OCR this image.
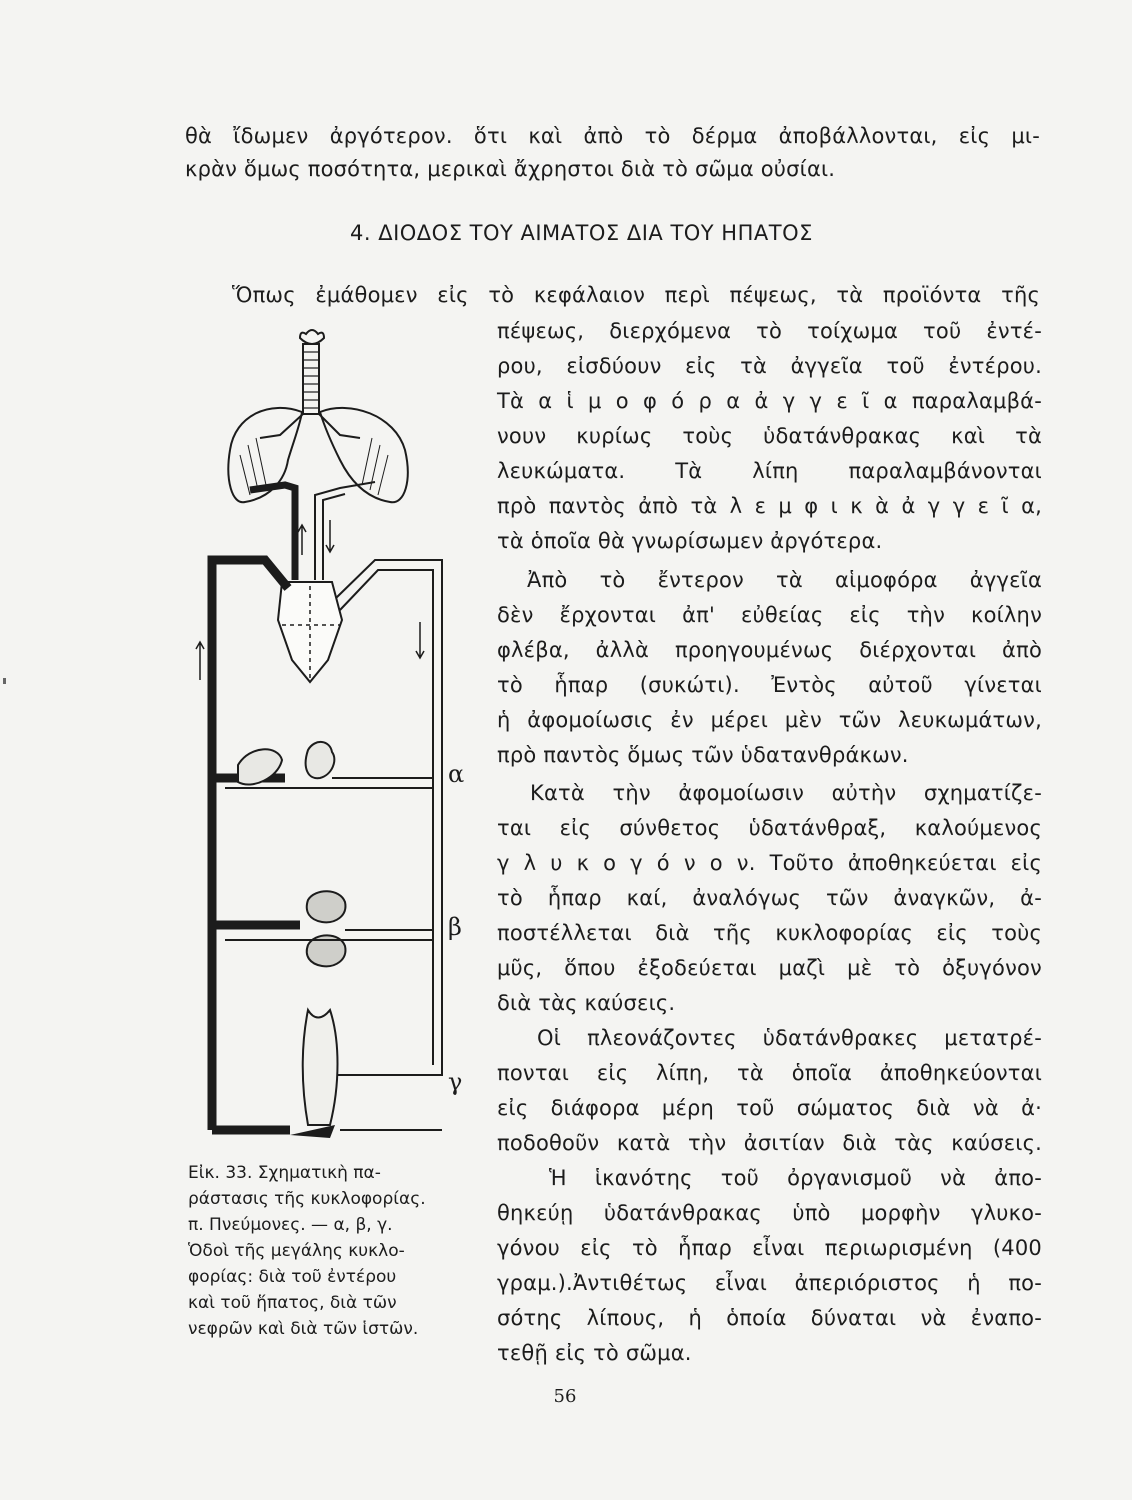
θὰ ἴδωμεν ἀργότερον. ὅτι καὶ ἀπὸ τὸ δέρμα ἀποβάλλονται, εἰς μι-
κρὰν ὅμως ποσότητα, μερικαὶ ἄχρηστοι διὰ τὸ σῶμα οὐσίαι.
4. ΔΙΟΔΟΣ ΤΟΥ ΑΙΜΑΤΟΣ ΔΙΑ ΤΟΥ ΗΠΑΤΟΣ
Ὅπως ἐμάθομεν εἰς τὸ κεφάλαιον περὶ πέψεως, τὰ προϊόντα τῆς
πέψεως, διερχόμενα τὸ τοίχωμα τοῦ ἐντέ-
ρου, εἰσδύουν εἰς τὰ ἀγγεῖα τοῦ ἐντέρου.
Τὰ α ἱ μ ο φ ό ρ α ἀ γ γ ε ῖ α παραλαμβά-
νουν κυρίως τοὺς ὑδατάνθρακας καὶ τὰ
λευκώματα. Τὰ λίπη παραλαμβάνονται
πρὸ παντὸς ἀπὸ τὰ λ ε μ φ ι κ ὰ ἀ γ γ ε ῖ α,
τὰ ὁποῖα θὰ γνωρίσωμεν ἀργότερα.
Ἀπὸ τὸ ἔντερον τὰ αἱμοφόρα ἀγγεῖα
δὲν ἔρχονται ἀπ' εὐθείας εἰς τὴν κοίλην
φλέβα, ἀλλὰ προηγουμένως διέρχονται ἀπὸ
τὸ ἧπαρ (συκώτι). Ἐντὸς αὐτοῦ γίνεται
ἡ ἀφομοίωσις ἐν μέρει μὲν τῶν λευκωμάτων,
πρὸ παντὸς ὅμως τῶν ὑδατανθράκων.
Κατὰ τὴν ἀφομοίωσιν αὐτὴν σχηματίζε-
ται εἰς σύνθετος ὑδατάνθραξ, καλούμενος
γ λ υ κ ο γ ό ν ο ν. Τοῦτο ἀποθηκεύεται εἰς
τὸ ἧπαρ καί, ἀναλόγως τῶν ἀναγκῶν, ἀ-
ποστέλλεται διὰ τῆς κυκλοφορίας εἰς τοὺς
μῦς, ὅπου ἐξοδεύεται μαζὶ μὲ τὸ ὀξυγόνον
διὰ τὰς καύσεις.
Οἱ πλεονάζοντες ὑδατάνθρακες μετατρέ-
πονται εἰς λίπη, τὰ ὁποῖα ἀποθηκεύονται
εἰς διάφορα μέρη τοῦ σώματος διὰ νὰ ἀ·
ποδοθοῦν κατὰ τὴν ἀσιτίαν διὰ τὰς καύσεις.
Ἡ ἱκανότης τοῦ ὀργανισμοῦ νὰ ἀπο-
θηκεύῃ ὑδατάνθρακας ὑπὸ μορφὴν γλυκο-
γόνου εἰς τὸ ἧπαρ εἶναι περιωρισμένη (400
γραμ.).Ἀντιθέτως εἶναι ἀπεριόριστος ἡ πο-
σότης λίπους, ἡ ὁποία δύναται νὰ ἐναπο-
τεθῇ εἰς τὸ σῶμα.
α
β
γ
Εἰκ. 33. Σχηματικὴ πα-
ράστασις τῆς κυκλοφορίας.
π. Πνεύμονες. — α, β, γ.
Ὁδοὶ τῆς μεγάλης κυκλο-
φορίας: διὰ τοῦ ἐντέρου
καὶ τοῦ ἥπατος, διὰ τῶν
νεφρῶν καὶ διὰ τῶν ἱστῶν.
56
